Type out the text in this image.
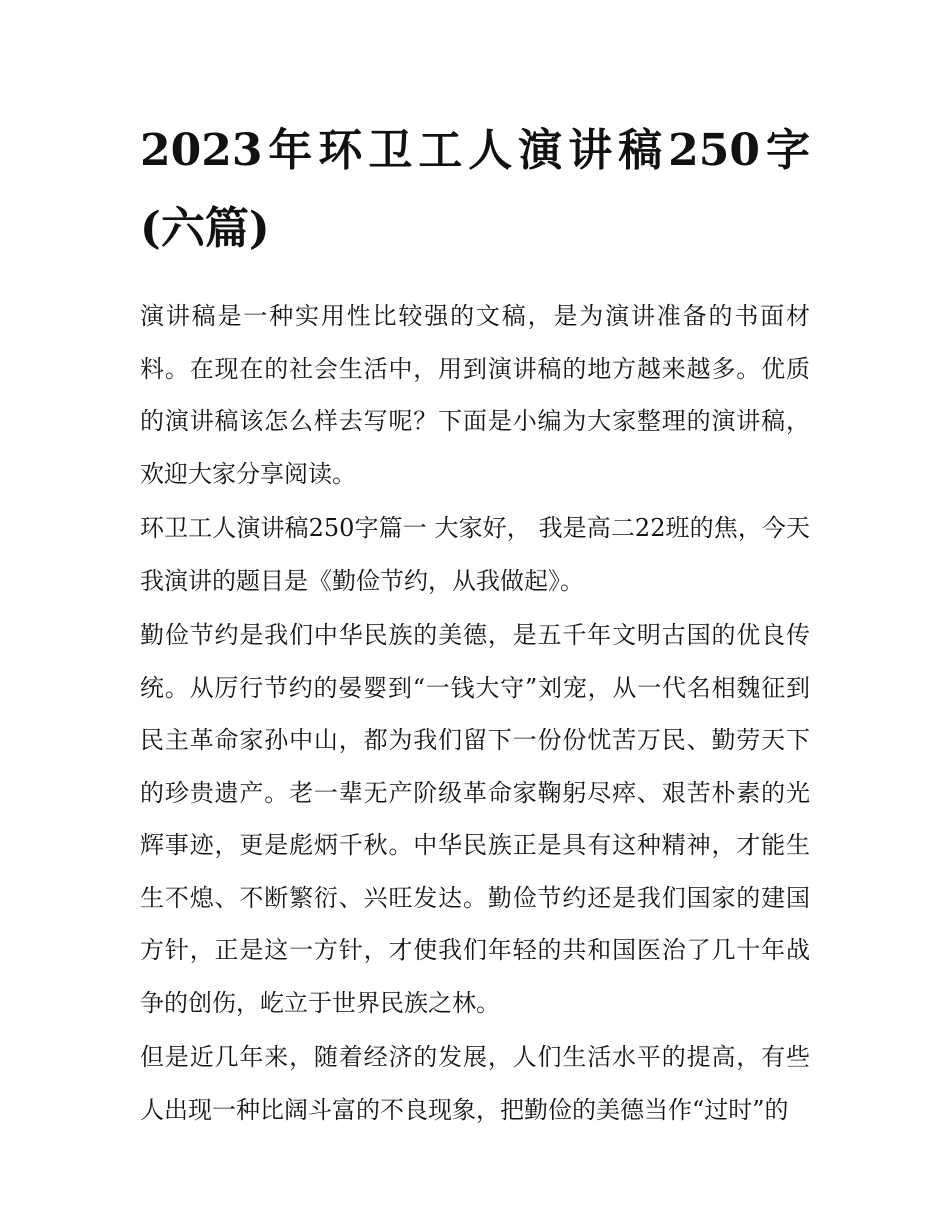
2023年环卫工人演讲稿250字(六篇)

演讲稿是一种实用性比较强的文稿，是为演讲准备的书面材料。在现在的社会生活中，用到演讲稿的地方越来越多。优质的演讲稿该怎么样去写呢？下面是小编为大家整理的演讲稿，欢迎大家分享阅读。

环卫工人演讲稿250字篇一 大家好， 我是高二22班的焦，今天我演讲的题目是《勤俭节约，从我做起》。

勤俭节约是我们中华民族的美德，是五千年文明古国的优良传统。从厉行节约的晏婴到“一钱大守”刘宠，从一代名相魏征到民主革命家孙中山，都为我们留下一份份忧苦万民、勤劳天下的珍贵遗产。老一辈无产阶级革命家鞠躬尽瘁、艰苦朴素的光辉事迹，更是彪炳千秋。中华民族正是具有这种精神，才能生生不熄、不断繁衍、兴旺发达。勤俭节约还是我们国家的建国方针，正是这一方针，才使我们年轻的共和国医治了几十年战争的创伤，屹立于世界民族之林。

但是近几年来，随着经济的发展，人们生活水平的提高，有些人出现一种比阔斗富的不良现象，把勤俭的美德当作“过时”的
